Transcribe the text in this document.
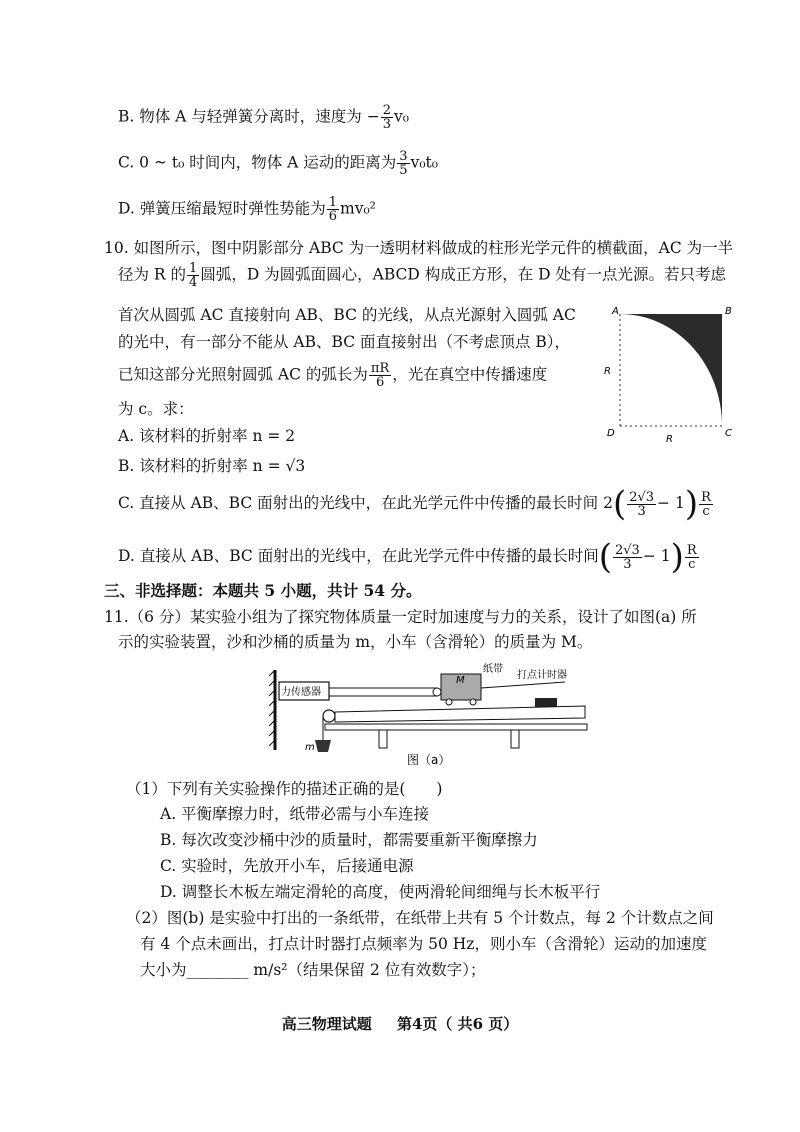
B. 物体 A 与轻弹簧分离时，速度为 − $\frac{2}{3} v_0$
C. 0 ~ t₀ 时间内，物体 A 运动的距离为 $\frac{3}{5} v_0t_0$
D. 弹簧压缩最短时弹性势能为 $\frac{1}{6} mv_0^2$
10. 如图所示，图中阴影部分 ABC 为一透明材料做成的柱形光学元件的横截面，AC 为一半
径为 R 的 $\frac{1}{4}$ 圆弧，D 为圆弧面圆心，ABCD 构成正方形，在 D 处有一点光源。若只考虑
首次从圆弧 AC 直接射向 AB、BC 的光线，从点光源射入圆弧 AC
的光中，有一部分不能从 AB、BC 面直接射出（不考虑顶点 B），
已知这部分光照射圆弧 AC 的弧长为 $\frac{\pi R}{6}$ ，光在真空中传播速度
为 c。求：
A. 该材料的折射率 n = 2
B. 该材料的折射率 n = √3
C. 直接从 AB、BC 面射出的光线中，在此光学元件中传播的最长时间 $2( \frac{2√3}{3} - 1) \frac{R}{c}$
D. 直接从 AB、BC 面射出的光线中，在此光学元件中传播的最长时间( $\frac{2√3}{3} - 1) \frac{R}{c}$
A	B
C
D
R
R
三、非选择题：本题共 5 小题，共计 54 分。
11.（6 分）某实验小组为了探究物体质量一定时加速度与力的关系，设计了如图(a) 所
示的实验装置，沙和沙桶的质量为 m，小车（含滑轮）的质量为 M。
力传感器
M
纸带
打点计时器
m
图（a）
（1）下列有关实验操作的描述正确的是(　　)
A. 平衡摩擦力时，纸带必需与小车连接
B. 每次改变沙桶中沙的质量时，都需要重新平衡摩擦力
C. 实验时，先放开小车，后接通电源
D. 调整长木板左端定滑轮的高度，使两滑轮间细绳与长木板平行
（2）图(b) 是实验中打出的一条纸带，在纸带上共有 5 个计数点，每 2 个计数点之间
有 4 个点未画出，打点计时器打点频率为 50 Hz，则小车（含滑轮）运动的加速度
大小为________ m/s²（结果保留 2 位有效数字）；
高三物理试题 第4页（ 共6 页）
